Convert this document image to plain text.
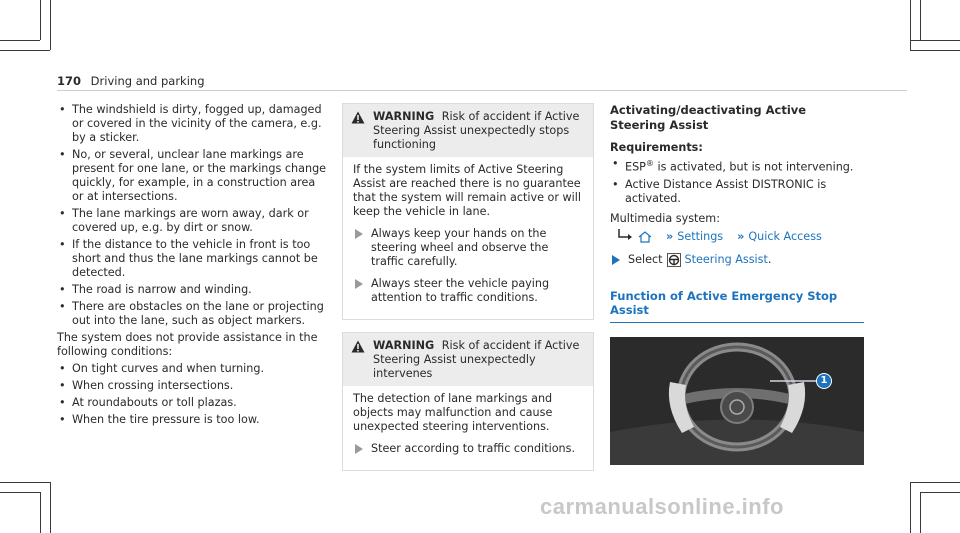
170 Driving and parking
• The windshield is dirty, fogged up, damaged or covered in the vicinity of the camera, e.g. by a sticker.
• No, or several, unclear lane markings are present for one lane, or the markings change quickly, for example, in a construction area or at intersections.
• The lane markings are worn away, dark or covered up, e.g. by dirt or snow.
• If the distance to the vehicle in front is too short and thus the lane markings cannot be detected.
• The road is narrow and winding.
• There are obstacles on the lane or projecting out into the lane, such as object markers.

The system does not provide assistance in the following conditions:

• On tight curves and when turning.
• When crossing intersections.
• At roundabouts or toll plazas.
• When the tire pressure is too low.
WARNING Risk of accident if Active Steering Assist unexpectedly stops functioning

If the system limits of Active Steering Assist are reached there is no guarantee that the system will remain active or will keep the vehicle in lane.

Always keep your hands on the steering wheel and observe the traffic carefully.
Always steer the vehicle paying attention to traffic conditions.
WARNING Risk of accident if Active Steering Assist unexpectedly intervenes

The detection of lane markings and objects may malfunction and cause unexpected steering interventions.

Steer according to traffic conditions.
Activating/deactivating Active Steering Assist
Requirements:
• ESP® is activated, but is not intervening.
• Active Distance Assist DISTRONIC is activated.

Multimedia system:

›› Settings ›› Quick Access
Select Steering Assist .
Function of Active Emergency Stop Assist
1
carmanualsonline.info
